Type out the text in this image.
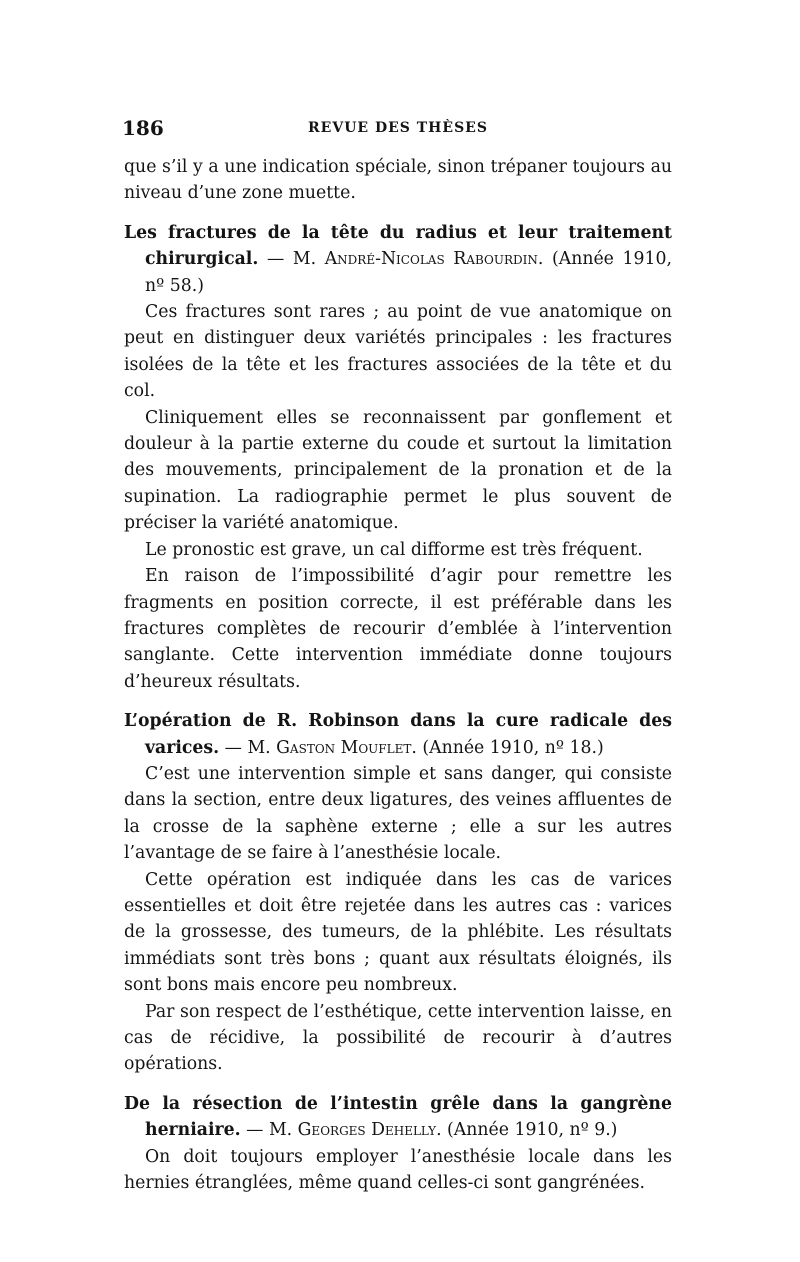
186	REVUE DES THÈSES

que s’il y a une indication spéciale, sinon trépaner toujours au niveau d’une zone muette.

Les fractures de la tête du radius et leur traitement chirurgical. — M. André-Nicolas Rabourdin. (Année 1910, nº 58.)

Ces fractures sont rares ; au point de vue anatomique on peut en distinguer deux variétés principales : les fractures isolées de la tête et les fractures associées de la tête et du col.

Cliniquement elles se reconnaissent par gonflement et douleur à la partie externe du coude et surtout la limitation des mouvements, principalement de la pronation et de la supination. La radiographie permet le plus souvent de préciser la variété anatomique.

Le pronostic est grave, un cal difforme est très fréquent.

En raison de l’impossibilité d’agir pour remettre les fragments en position correcte, il est préférable dans les fractures complètes de recourir d’emblée à l’intervention sanglante. Cette intervention immédiate donne toujours d’heureux résultats.

L’opération de R. Robinson dans la cure radicale des varices. — M. Gaston Mouflet. (Année 1910, nº 18.)

C’est une intervention simple et sans danger, qui consiste dans la section, entre deux ligatures, des veines affluentes de la crosse de la saphène externe ; elle a sur les autres l’avantage de se faire à l’anesthésie locale.

Cette opération est indiquée dans les cas de varices essentielles et doit être rejetée dans les autres cas : varices de la grossesse, des tumeurs, de la phlébite. Les résultats immédiats sont très bons ; quant aux résultats éloignés, ils sont bons mais encore peu nombreux.

Par son respect de l’esthétique, cette intervention laisse, en cas de récidive, la possibilité de recourir à d’autres opérations.

De la résection de l’intestin grêle dans la gangrène herniaire. — M. Georges Dehelly. (Année 1910, nº 9.)

On doit toujours employer l’anesthésie locale dans les hernies étranglées, même quand celles-ci sont gangrénées.
